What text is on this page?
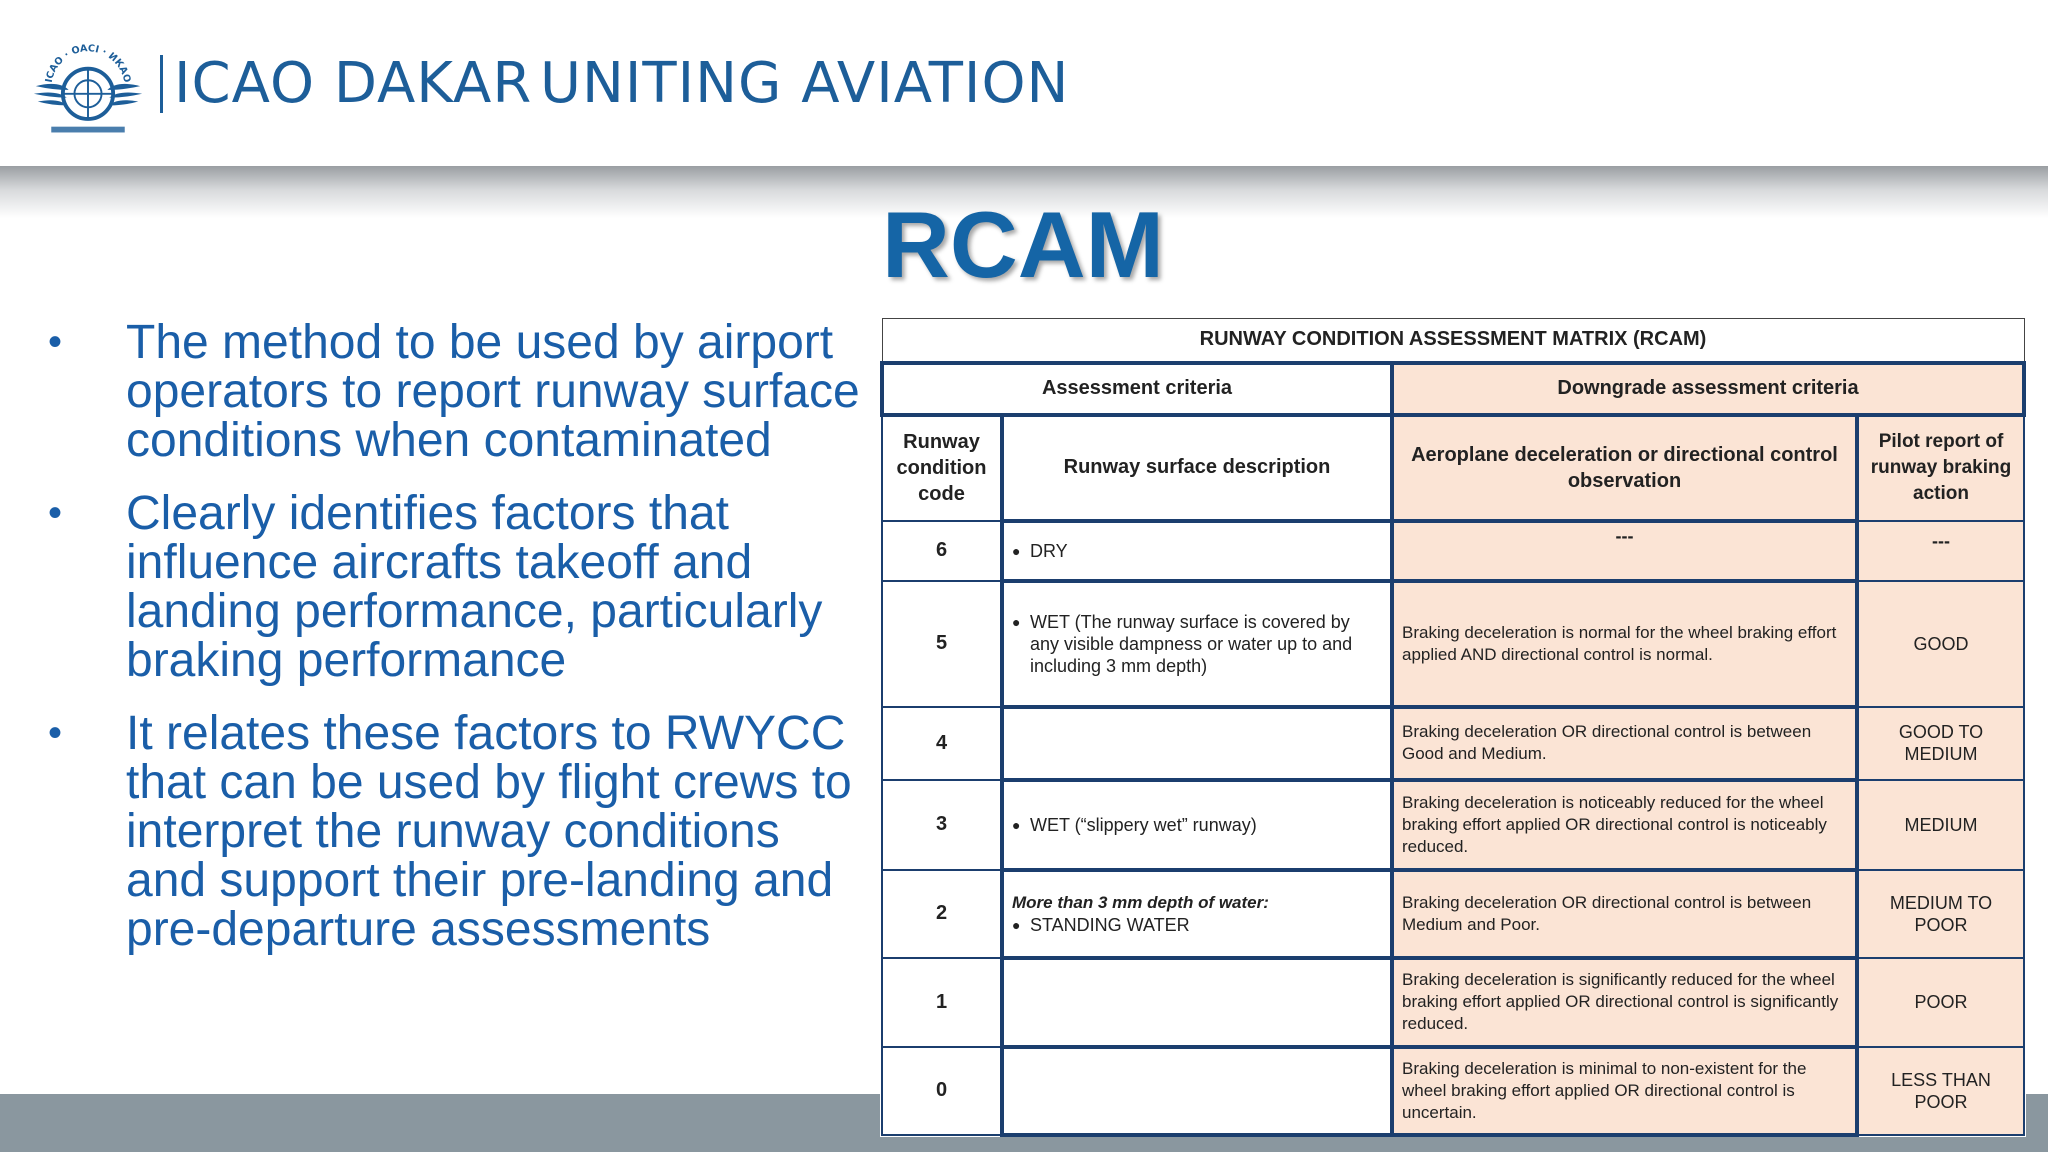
ICAO · OACI · ИКАО ICAO DAKAR UNITING AVIATION
RCAM
• The method to be used by airport operators to report runway surface conditions when contaminated
• Clearly identifies factors that influence aircrafts takeoff and landing performance, particularly braking performance
• It relates these factors to RWYCC that can be used by flight crews to interpret the runway conditions and support their pre-landing and pre-departure assessments
RUNWAY CONDITION ASSESSMENT MATRIX (RCAM)			
Assessment criteria		Downgrade assessment criteria	
Runway condition code	Runway surface description	Aeroplane deceleration or directional control observation	Pilot report of runway braking action
6	● DRY	---	---
5	● WET (The runway surface is covered by any visible dampness or water up to and including 3 mm depth)	Braking deceleration is normal for the wheel braking effort applied AND directional control is normal.	GOOD
4		Braking deceleration OR directional control is between Good and Medium.	GOOD TO MEDIUM
3	● WET (“slippery wet” runway)	Braking deceleration is noticeably reduced for the wheel braking effort applied OR directional control is noticeably reduced.	MEDIUM
2	More than 3 mm depth of water:
● STANDING WATER	Braking deceleration OR directional control is between Medium and Poor.	MEDIUM TO POOR
1		Braking deceleration is significantly reduced for the wheel braking effort applied OR directional control is significantly reduced.	POOR
0		Braking deceleration is minimal to non-existent for the wheel braking effort applied OR directional control is uncertain.	LESS THAN POOR
